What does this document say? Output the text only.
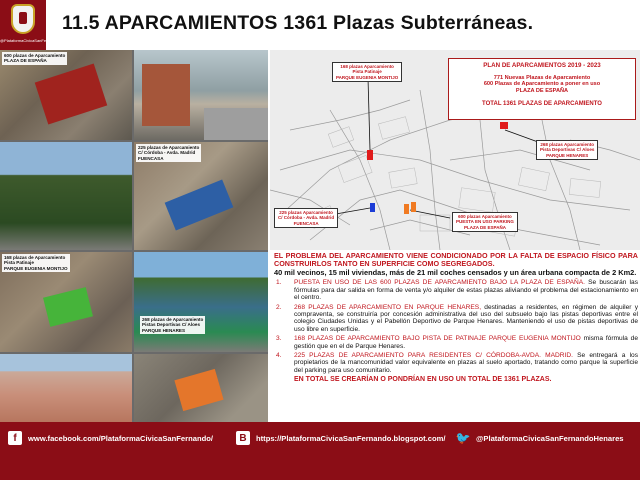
@PlataformaCivicaSanFernando
11.5 APARCAMIENTOS 1361 Plazas Subterráneas.
600 plazas de Aparcamiento
PLAZA DE ESPAÑA
225 plazas de Aparcamiento
C/ Córdoba - Avda. Madrid
FUENCASA
168 plazas de Aparcamiento
Pista Patinaje
PARQUE EUGENIA MONTIJO
268 plazas de Aparcamiento
Pistas Deportivas C/ Aloes
PARQUE HENARES
168 plazas Aparcamiento
Pista Patinaje
PARQUE EUGENIA MONTIJO
268 plazas Aparcamiento
Pista Deportivas C/ Aloes
PARQUE HENARES
225 plazas Aparcamiento
C/ Córdoba - Avda. Madrid
FUENCASA
600 plazas Aparcamiento
PUESTA EN USO PARKING
PLAZA DE ESPAÑA
PLAN DE APARCAMIENTOS 2019 - 2023
771 Nuevas Plazas de Aparcamiento
600 Plazas de Aparcamiento a poner en uso
PLAZA DE ESPAÑA
TOTAL 1361 PLAZAS DE APARCAMIENTO

EL PROBLEMA DEL APARCAMIENTO VIENE CONDICIONADO POR LA FALTA DE ESPACIO FÍSICO PARA CONSTRUIRLOS TANTO EN SUPERFICIE COMO SEGREGADOS.

40 mil vecinos, 15 mil viviendas, más de 21 mil coches censados y un área urbana compacta de 2 Km2.

1.	PUESTA EN USO DE LAS 600 PLAZAS DE APARCAMIENTO BAJO LA PLAZA DE ESPAÑA. Se buscarán las fórmulas para dar salida en forma de venta y/o alquiler de estas plazas aliviando el problema del estacionamiento en el centro.
2.	268 PLAZAS DE APARCAMIENTO EN PARQUE HENARES, destinadas a residentes, en régimen de alquiler y compraventa, se construiría por concesión administrativa del uso del subsuelo bajo las pistas deportivas entre el colegio Ciudades Unidas y el Pabellón Deportivo de Parque Henares. Manteniendo el uso de pistas deportivas de uso libre en superficie.
3.	168 PLAZAS DE APARCAMIENTO BAJO PISTA DE PATINAJE PARQUE EUGENIA MONTIJO misma fórmula de gestión que en el de Parque Henares.
4.	225 PLAZAS DE APARCAMIENTO PARA RESIDENTES C/ CÓRDOBA-AVDA. MADRID. Se entregará a los propietarios de la mancomunidad valor equivalente en plazas al suelo aportado, tratando como parque la superficie del parking para uso comunitario.

EN TOTAL SE CREARÍAN O PONDRÍAN EN USO UN TOTAL DE 1361 PLAZAS.

f	www.facebook.com/PlataformaCivicaSanFernando/	B	https://PlataformaCivicaSanFernando.blogspot.com/ 🐦 @PlataformaCivicaSanFernandoHenares
